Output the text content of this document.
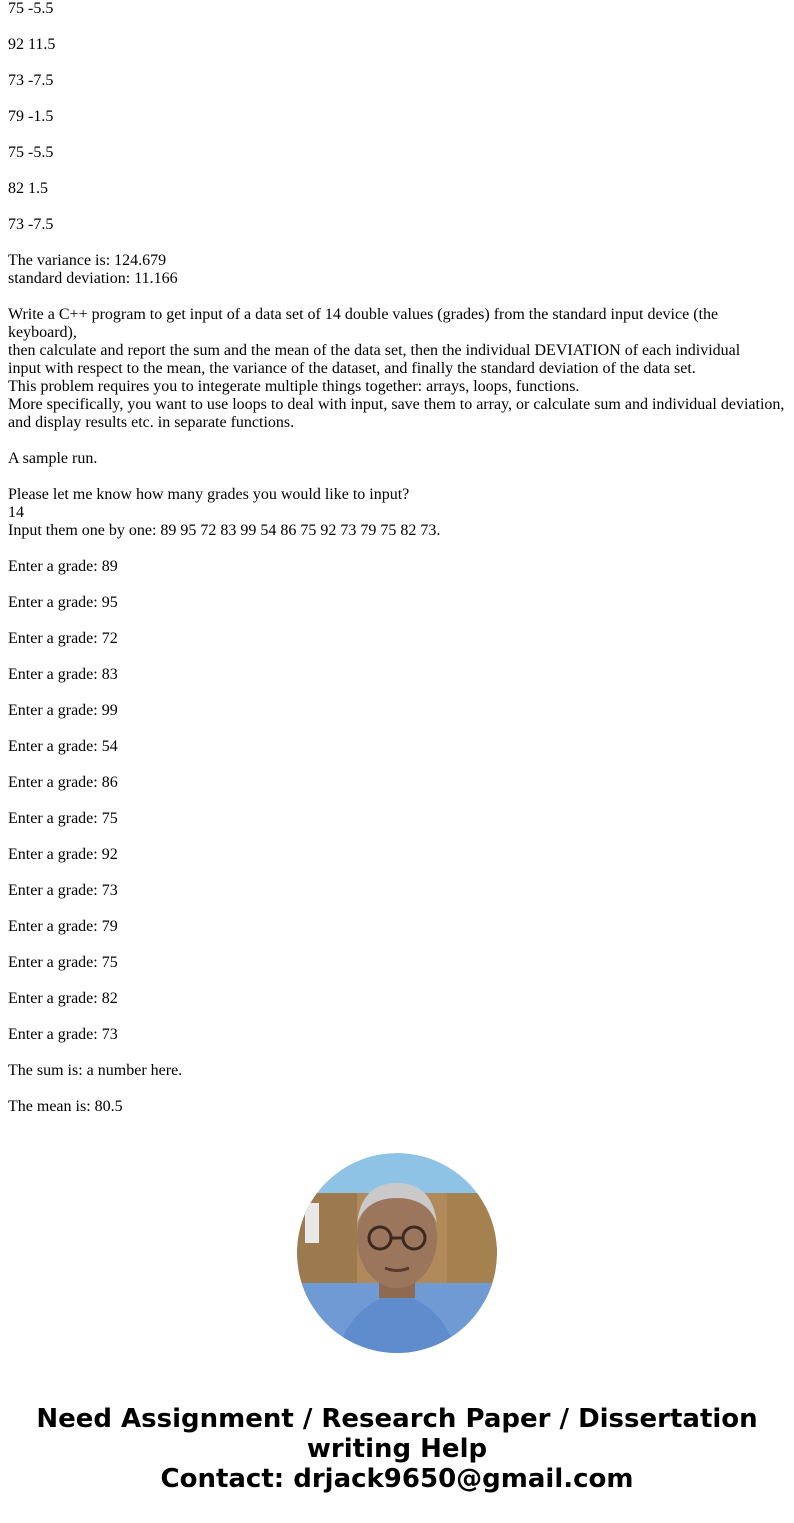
75 -5.5
92 11.5
73 -7.5
79 -1.5
75 -5.5
82 1.5
73 -7.5
The variance is: 124.679
standard deviation: 11.166
Write a C++ program to get input of a data set of 14 double values (grades) from the standard input device (the keyboard),
then calculate and report the sum and the mean of the data set, then the individual DEVIATION of each individual
input with respect to the mean, the variance of the dataset, and finally the standard deviation of the data set.
This problem requires you to integerate multiple things together: arrays, loops, functions.
More specifically, you want to use loops to deal with input, save them to array, or calculate sum and individual deviation, and display results etc. in separate functions.
A sample run.
Please let me know how many grades you would like to input?
14
Input them one by one: 89 95 72 83 99 54 86 75 92 73 79 75 82 73.
Enter a grade: 89
Enter a grade: 95
Enter a grade: 72
Enter a grade: 83
Enter a grade: 99
Enter a grade: 54
Enter a grade: 86
Enter a grade: 75
Enter a grade: 92
Enter a grade: 73
Enter a grade: 79
Enter a grade: 75
Enter a grade: 82
Enter a grade: 73
The sum is: a number here.
The mean is: 80.5
Need Assignment / Research Paper / Dissertation
writing Help
Contact: drjack9650@gmail.com
